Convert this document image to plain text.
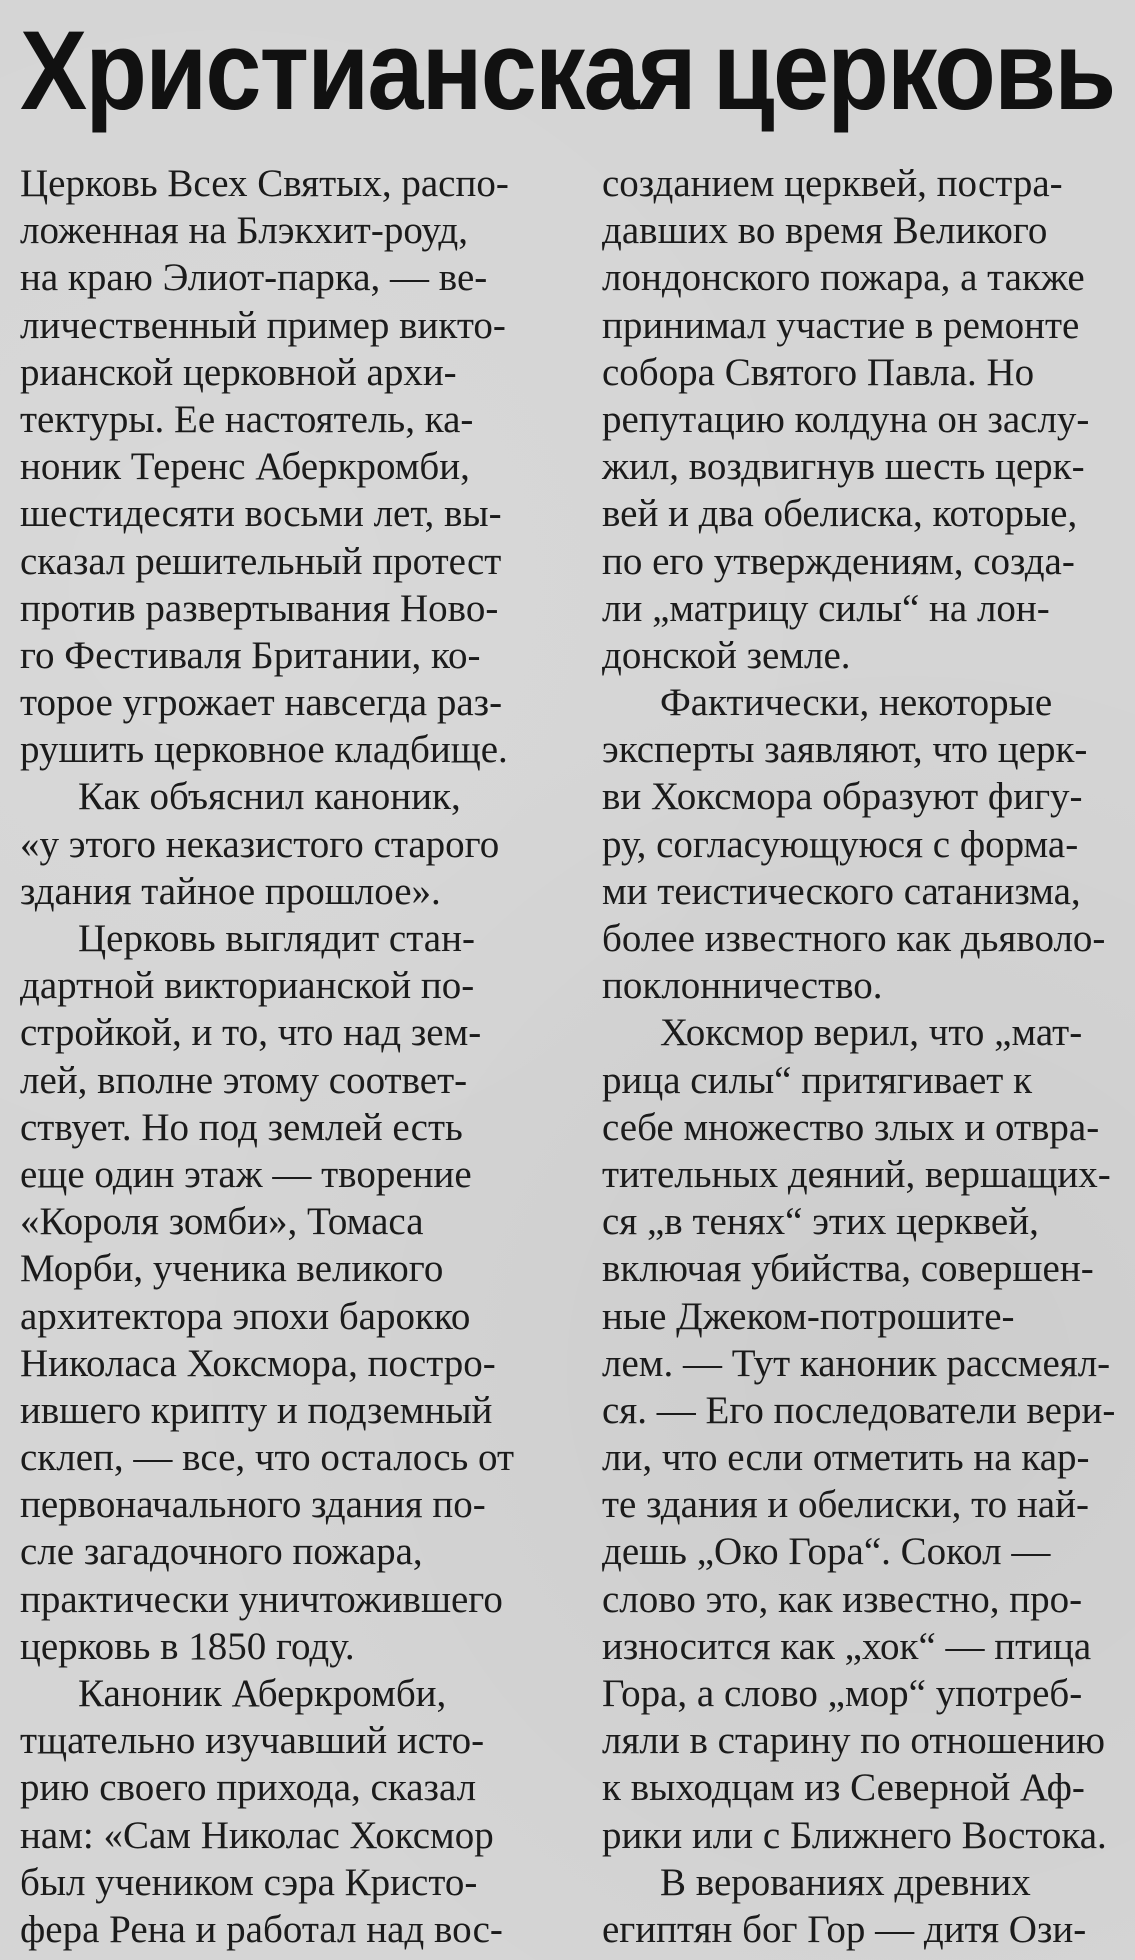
Христианская церковь
Церковь Всех Святых, распо-
ложенная на Блэкхит-роуд,
на краю Элиот-парка, — ве-
личественный пример викто-
рианской церковной архи-
тектуры. Ее настоятель, ка-
ноник Теренс Аберкромби,
шестидесяти восьми лет, вы-
сказал решительный протест
против развертывания Ново-
го Фестиваля Британии, ко-
торое угрожает навсегда раз-
рушить церковное кладбище.
Как объяснил каноник,
«у этого неказистого старого
здания тайное прошлое».
Церковь выглядит стан-
дартной викторианской по-
стройкой, и то, что над зем-
лей, вполне этому соответ-
ствует. Но под землей есть
еще один этаж — творение
«Короля зомби», Томаса
Морби, ученика великого
архитектора эпохи барокко
Николаса Хоксмора, постро-
ившего крипту и подземный
склеп, — все, что осталось от
первоначального здания по-
сле загадочного пожара,
практически уничтожившего
церковь в 1850 году.
Каноник Аберкромби,
тщательно изучавший исто-
рию своего прихода, сказал
нам: «Сам Николас Хоксмор
был учеником сэра Кристо-
фера Рена и работал над вос-
созданием церквей, постра-
давших во время Великого
лондонского пожара, а также
принимал участие в ремонте
собора Святого Павла. Но
репутацию колдуна он заслу-
жил, воздвигнув шесть церк-
вей и два обелиска, которые,
по его утверждениям, созда-
ли „матрицу силы“ на лон-
донской земле.
Фактически, некоторые
эксперты заявляют, что церк-
ви Хоксмора образуют фигу-
ру, согласующуюся с форма-
ми теистического сатанизма,
более известного как дьяволо-
поклонничество.
Хоксмор верил, что „мат-
рица силы“ притягивает к
себе множество злых и отвра-
тительных деяний, вершащих-
ся „в тенях“ этих церквей,
включая убийства, совершен-
ные Джеком-потрошите-
лем. — Тут каноник рассмеял-
ся. — Его последователи вери-
ли, что если отметить на кар-
те здания и обелиски, то най-
дешь „Око Гора“. Сокол —
слово это, как известно, про-
износится как „хок“ — птица
Гора, а слово „мор“ употреб-
ляли в старину по отношению
к выходцам из Северной Аф-
рики или с Ближнего Востока.
В верованиях древних
египтян бог Гор — дитя Ози-
